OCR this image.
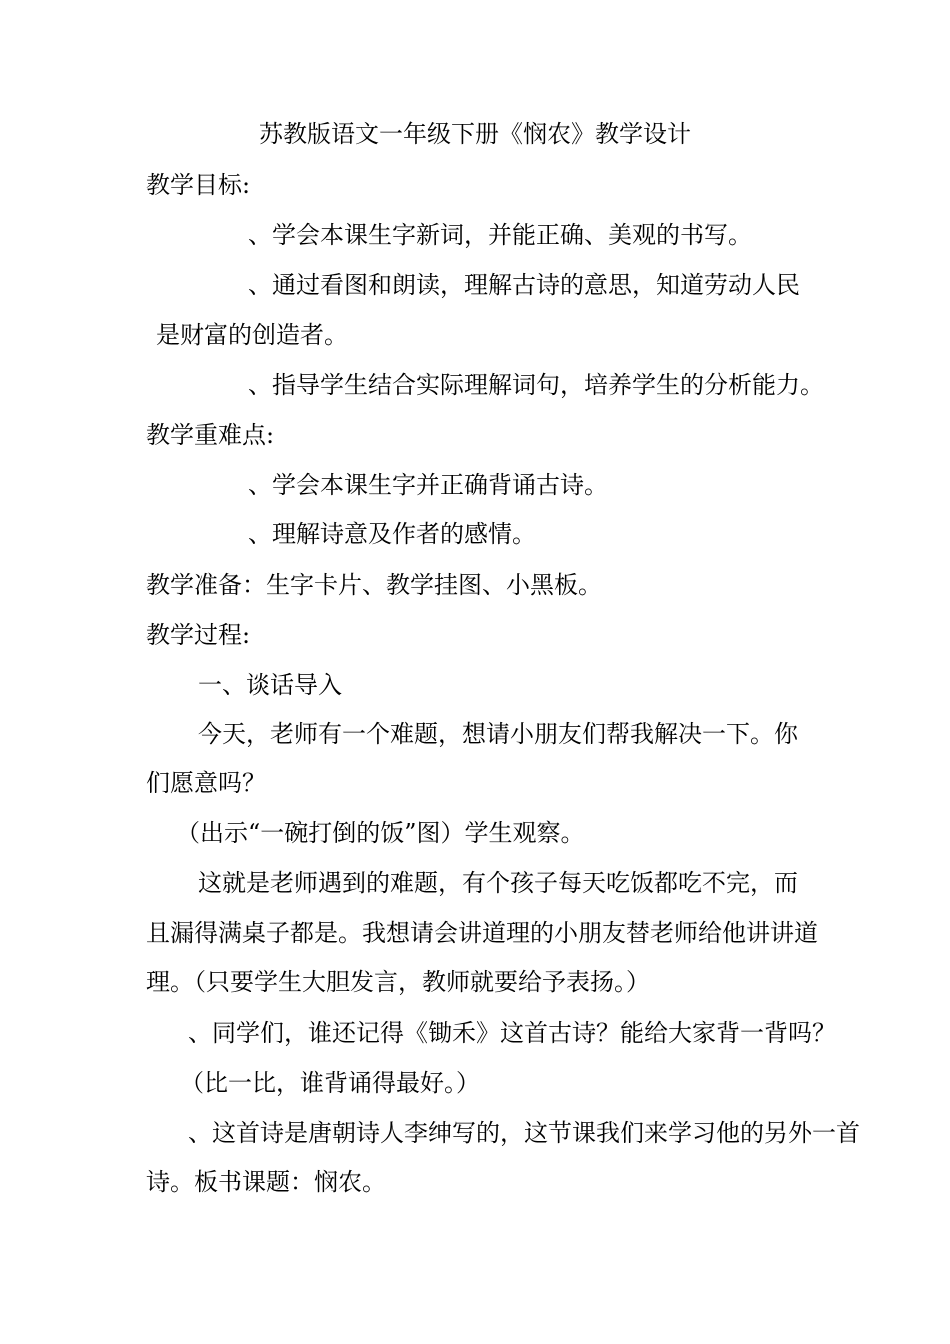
苏教版语文一年级下册《悯农》教学设计

教学目标:

、学会本课生字新词，并能正确、美观的书写。

、通过看图和朗读，理解古诗的意思，知道劳动人民

是财富的创造者。

、指导学生结合实际理解词句，培养学生的分析能力。

教学重难点:

、学会本课生字并正确背诵古诗。

、理解诗意及作者的感情。

教学准备：生字卡片、教学挂图、小黑板。

教学过程:

一、谈话导入

今天，老师有一个难题，想请小朋友们帮我解决一下。你

们愿意吗？

（出示“一碗打倒的饭”图）学生观察。

这就是老师遇到的难题，有个孩子每天吃饭都吃不完，而

且漏得满桌子都是。我想请会讲道理的小朋友替老师给他讲讲道

理。（只要学生大胆发言，教师就要给予表扬。）

、同学们，谁还记得《锄禾》这首古诗？能给大家背一背吗？

（比一比，谁背诵得最好。）

、这首诗是唐朝诗人李绅写的，这节课我们来学习他的另外一首

诗。板书课题：悯农。
